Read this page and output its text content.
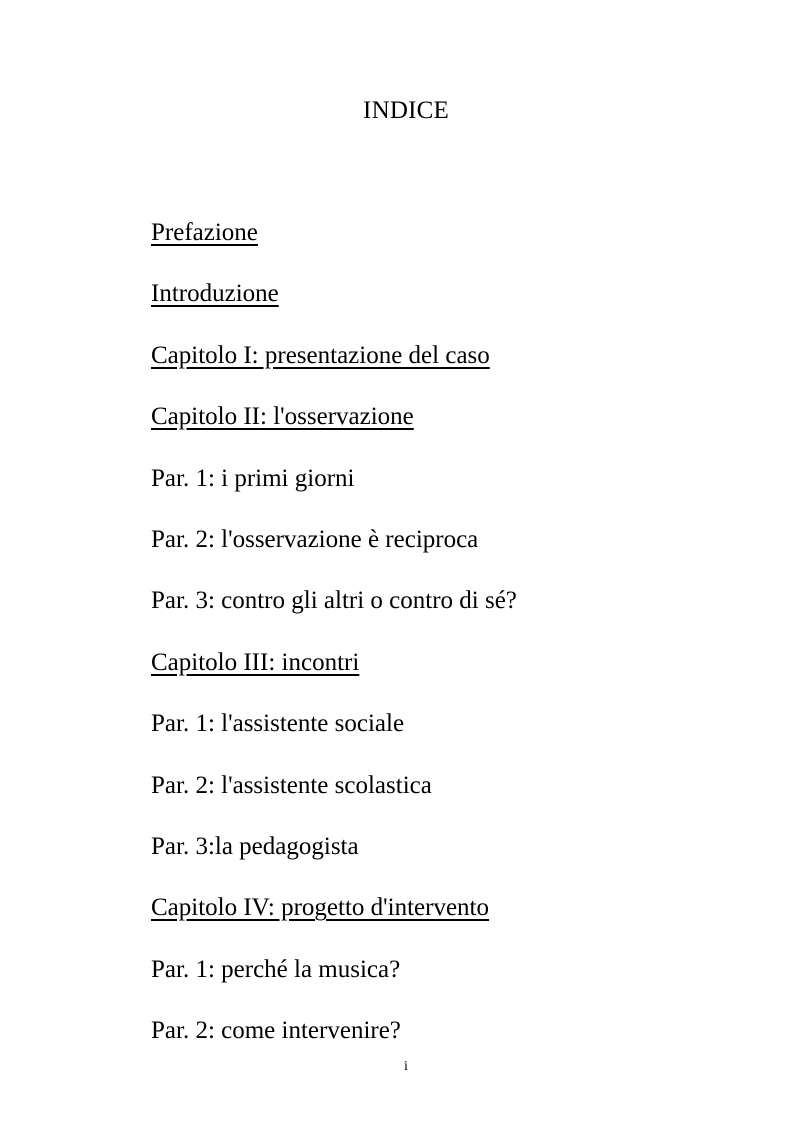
INDICE
Prefazione
Introduzione
Capitolo I: presentazione del caso
Capitolo II: l'osservazione
Par. 1: i primi giorni
Par. 2: l'osservazione è reciproca
Par. 3: contro gli altri o contro di sé?
Capitolo III: incontri
Par. 1: l'assistente sociale
Par. 2: l'assistente scolastica
Par. 3:la pedagogista
Capitolo IV: progetto d'intervento
Par. 1: perché la musica?
Par. 2: come intervenire?
i
